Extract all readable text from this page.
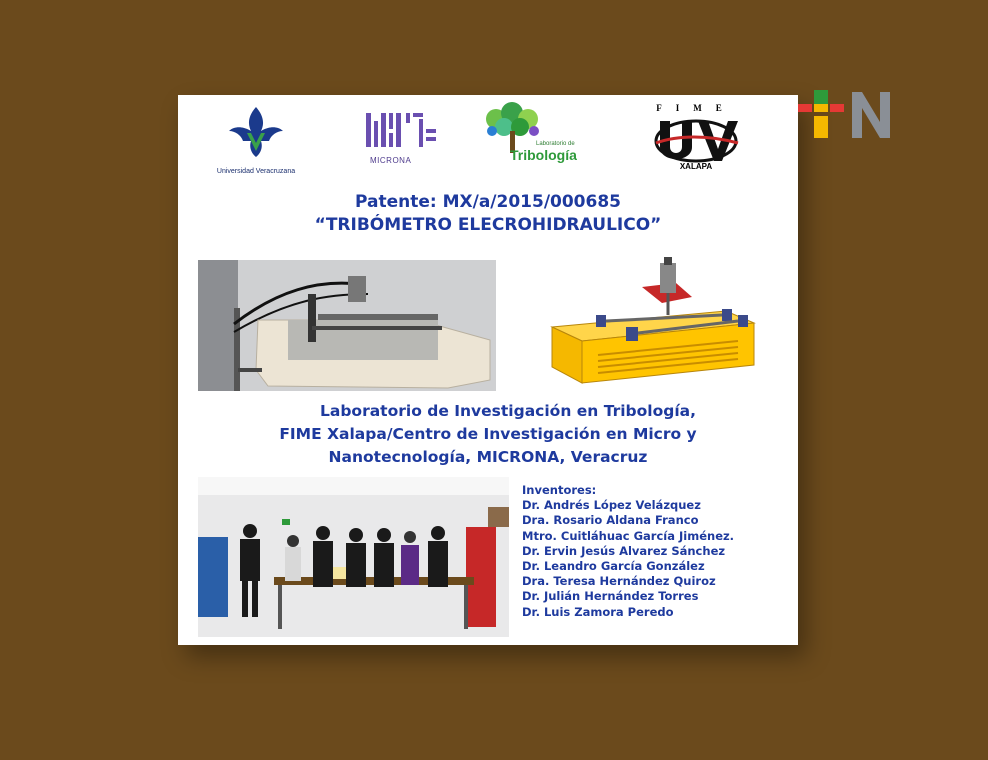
Universidad Veracruzana
MICRONA
Laboratorio de
Tribología
FIME
XALAPA
Patente: MX/a/2015/000685
“TRIBÓMETRO ELECROHIDRAULICO”
Laboratorio de Investigación en Tribología,
FIME Xalapa/Centro de Investigación en Micro y
Nanotecnología, MICRONA, Veracruz
Inventores:
Dr. Andrés López Velázquez
Dra. Rosario Aldana Franco
Mtro. Cuitláhuac García Jiménez.
Dr. Ervin Jesús Alvarez Sánchez
Dr. Leandro García González
Dra. Teresa Hernández Quiroz
Dr. Julián Hernández Torres
Dr. Luis Zamora Peredo
